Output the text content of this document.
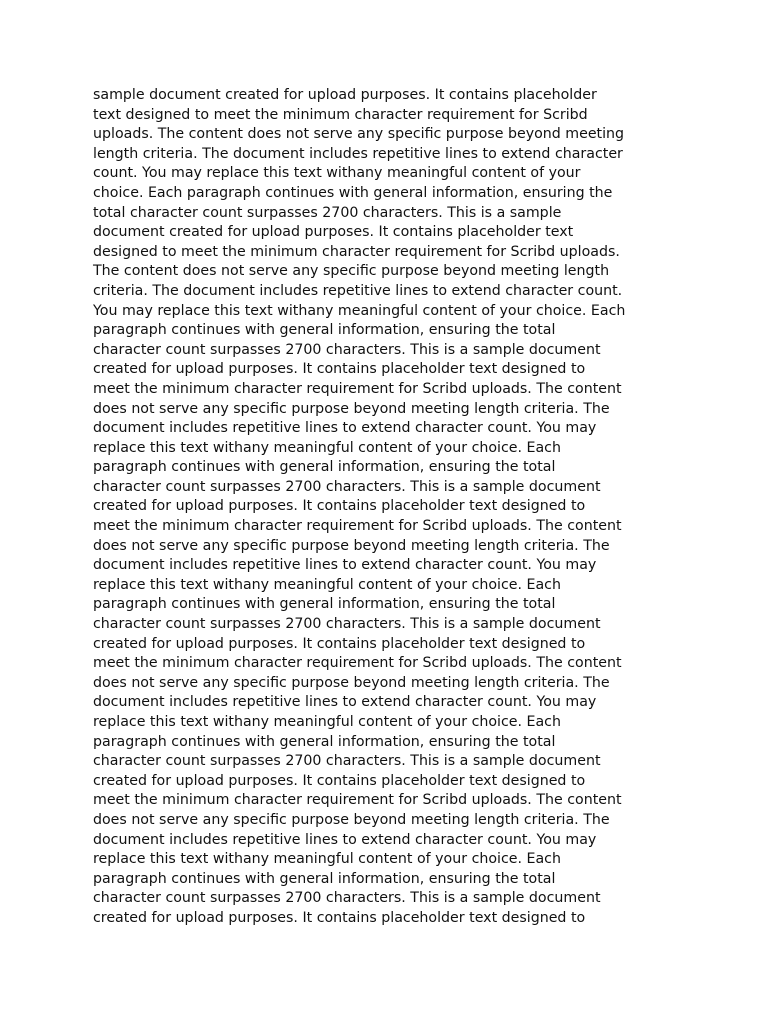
sample document created for upload purposes. It contains placeholder
text designed to meet the minimum character requirement for Scribd
uploads. The content does not serve any specific purpose beyond meeting
length criteria. The document includes repetitive lines to extend character
count. You may replace this text withany meaningful content of your
choice. Each paragraph continues with general information, ensuring the
total character count surpasses 2700 characters. This is a sample
document created for upload purposes. It contains placeholder text
designed to meet the minimum character requirement for Scribd uploads.
The content does not serve any specific purpose beyond meeting length
criteria. The document includes repetitive lines to extend character count.
You may replace this text withany meaningful content of your choice. Each
paragraph continues with general information, ensuring the total
character count surpasses 2700 characters. This is a sample document
created for upload purposes. It contains placeholder text designed to
meet the minimum character requirement for Scribd uploads. The content
does not serve any specific purpose beyond meeting length criteria. The
document includes repetitive lines to extend character count. You may
replace this text withany meaningful content of your choice. Each
paragraph continues with general information, ensuring the total
character count surpasses 2700 characters. This is a sample document
created for upload purposes. It contains placeholder text designed to
meet the minimum character requirement for Scribd uploads. The content
does not serve any specific purpose beyond meeting length criteria. The
document includes repetitive lines to extend character count. You may
replace this text withany meaningful content of your choice. Each
paragraph continues with general information, ensuring the total
character count surpasses 2700 characters. This is a sample document
created for upload purposes. It contains placeholder text designed to
meet the minimum character requirement for Scribd uploads. The content
does not serve any specific purpose beyond meeting length criteria. The
document includes repetitive lines to extend character count. You may
replace this text withany meaningful content of your choice. Each
paragraph continues with general information, ensuring the total
character count surpasses 2700 characters. This is a sample document
created for upload purposes. It contains placeholder text designed to
meet the minimum character requirement for Scribd uploads. The content
does not serve any specific purpose beyond meeting length criteria. The
document includes repetitive lines to extend character count. You may
replace this text withany meaningful content of your choice. Each
paragraph continues with general information, ensuring the total
character count surpasses 2700 characters. This is a sample document
created for upload purposes. It contains placeholder text designed to
